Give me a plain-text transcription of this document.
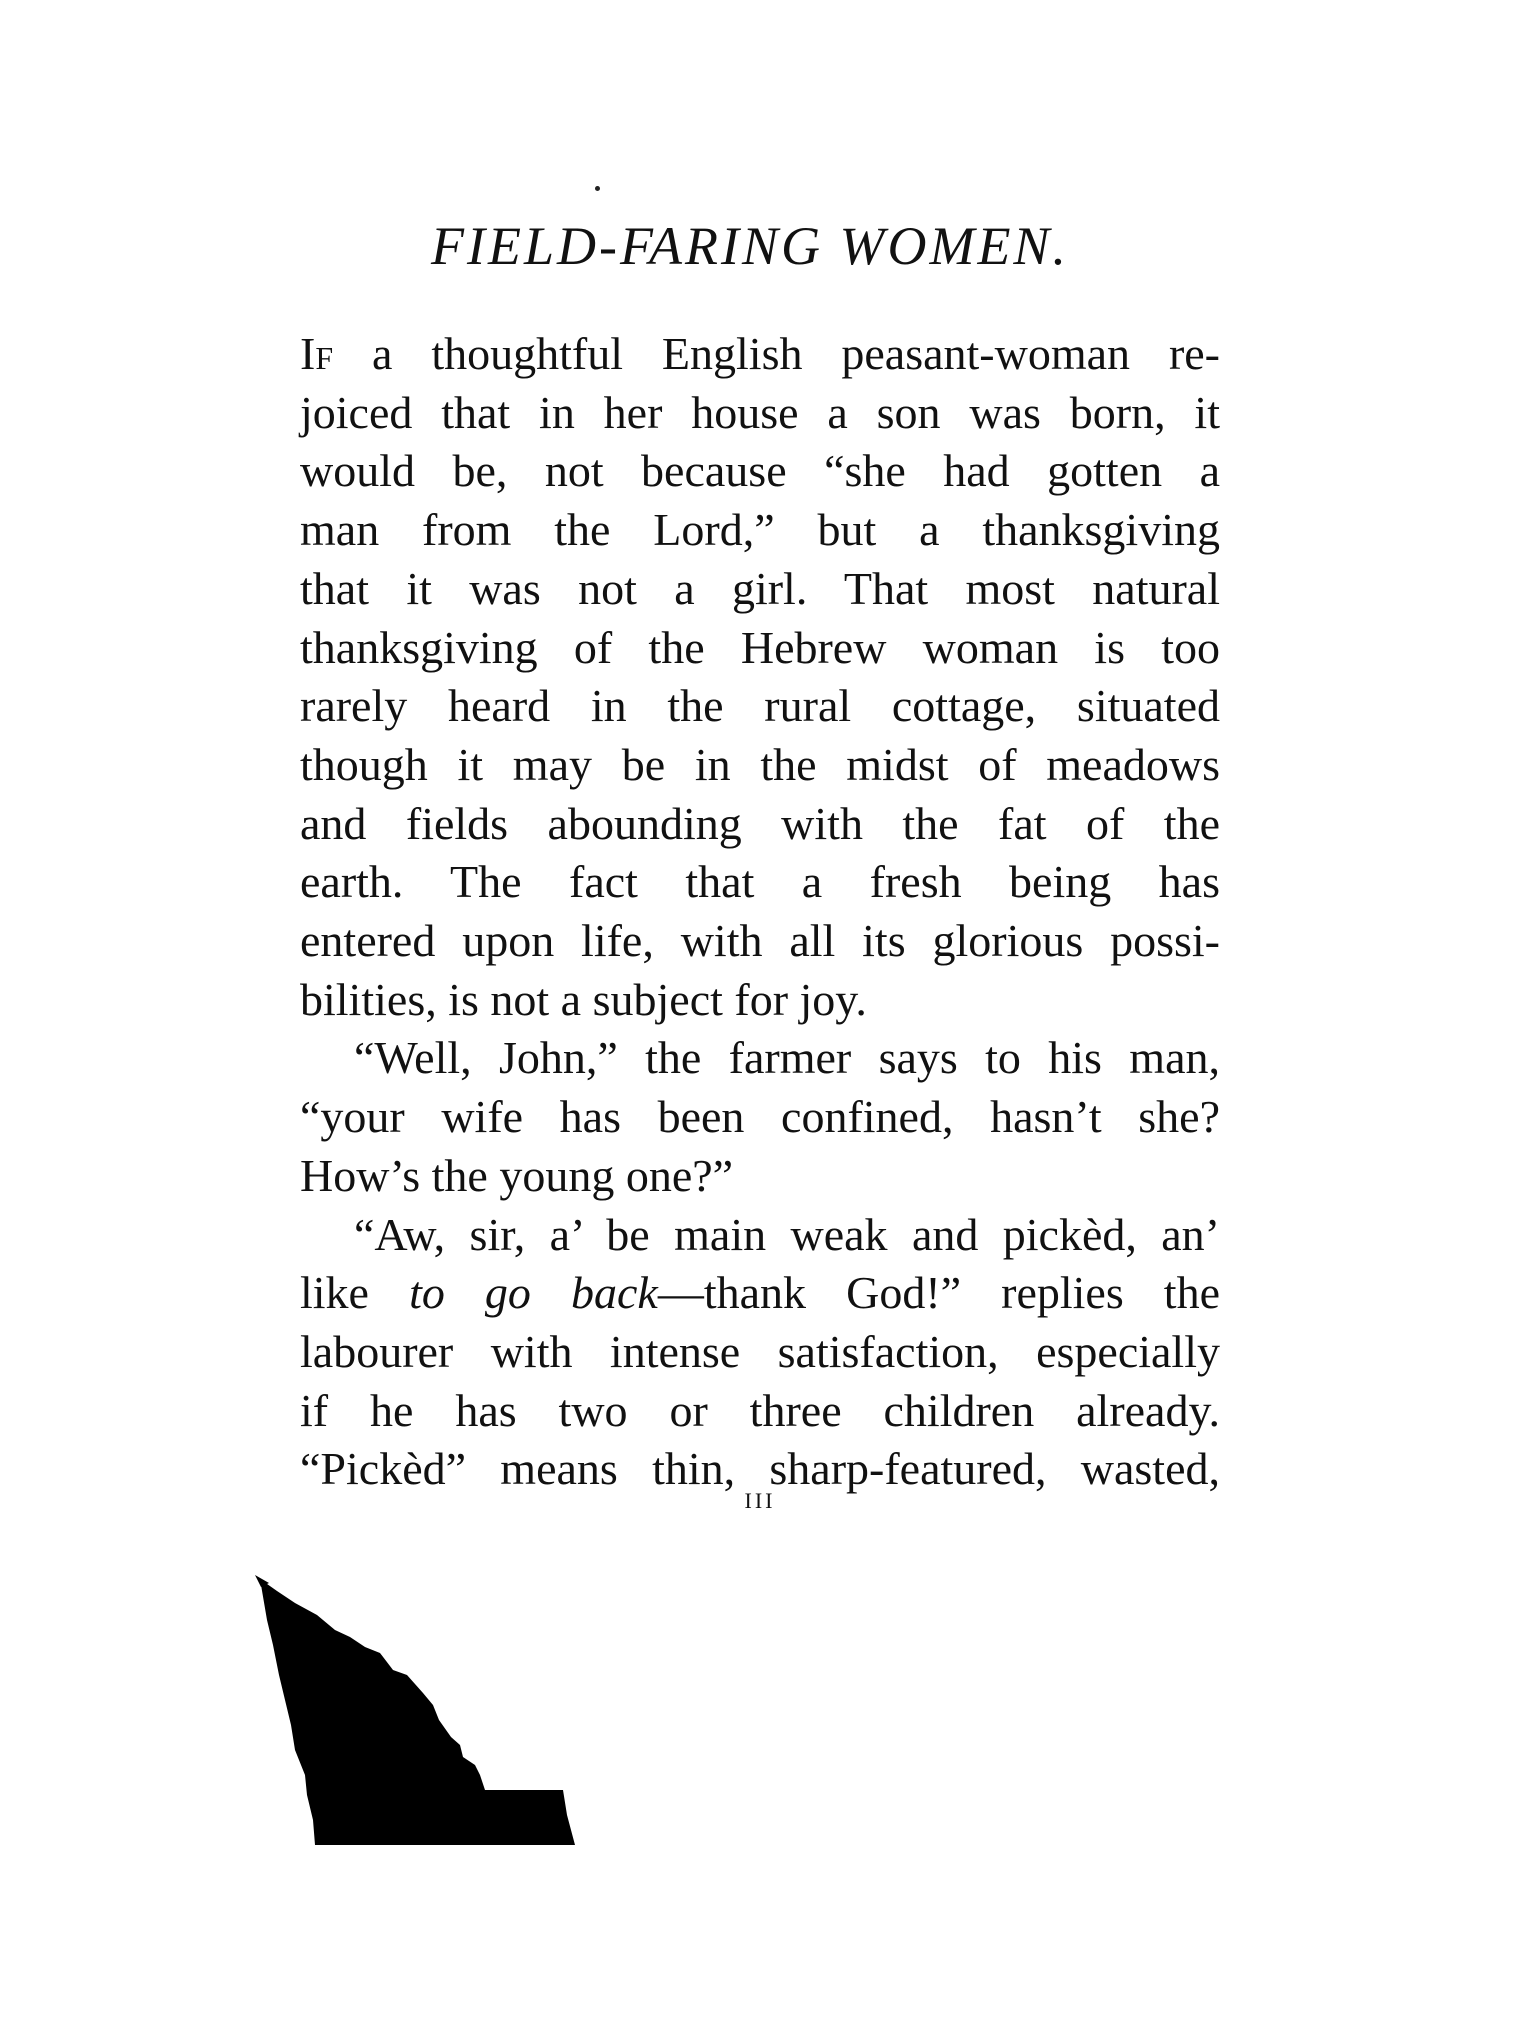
FIELD-FARING WOMEN.
If a thoughtful English peasant-woman re-
joiced that in her house a son was born, it
would be, not because “she had gotten a
man from the Lord,” but a thanksgiving
that it was not a girl. That most natural
thanksgiving of the Hebrew woman is too
rarely heard in the rural cottage, situated
though it may be in the midst of meadows
and fields abounding with the fat of the
earth. The fact that a fresh being has
entered upon life, with all its glorious possi-
bilities, is not a subject for joy.
“Well, John,” the farmer says to his man,
“your wife has been confined, hasn’t she?
How’s the young one?”
“Aw, sir, a’ be main weak and pickèd, an’
like to go back—thank God!” replies the
labourer with intense satisfaction, especially
if he has two or three children already.
“Pickèd” means thin, sharp-featured, wasted,
III
